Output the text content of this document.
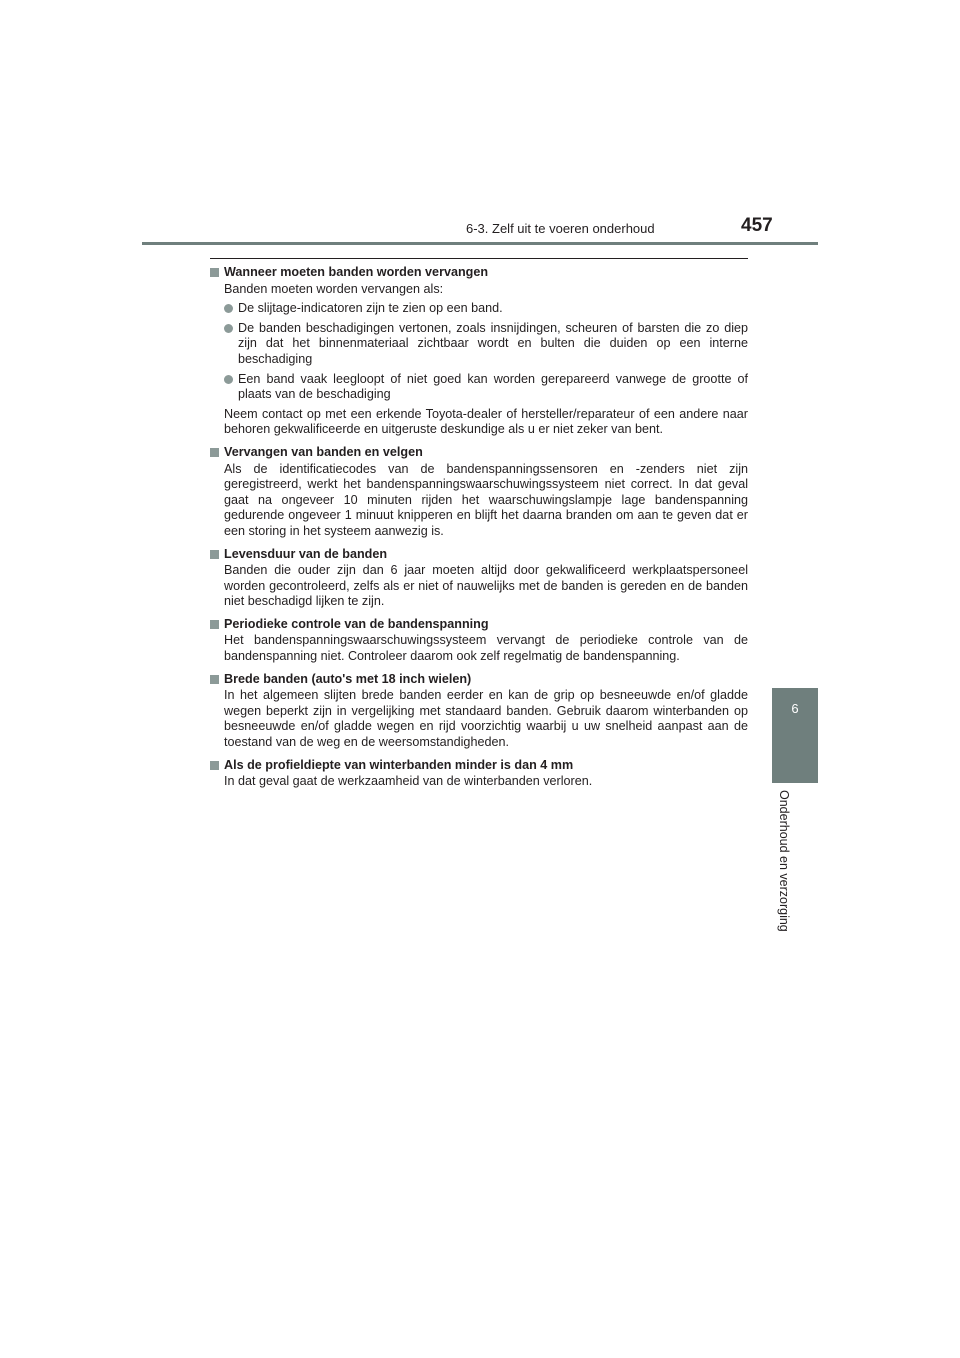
6-3. Zelf uit te voeren onderhoud	457
6
Onderhoud en verzorging
Wanneer moeten banden worden vervangen
Banden moeten worden vervangen als:
De slijtage-indicatoren zijn te zien op een band.
De banden beschadigingen vertonen, zoals insnijdingen, scheuren of barsten die zo diep zijn dat het binnenmateriaal zichtbaar wordt en bulten die duiden op een interne beschadiging
Een band vaak leegloopt of niet goed kan worden gerepareerd vanwege de grootte of plaats van de beschadiging
Neem contact op met een erkende Toyota-dealer of hersteller/reparateur of een andere naar behoren gekwalificeerde en uitgeruste deskundige als u er niet zeker van bent.
Vervangen van banden en velgen
Als de identificatiecodes van de bandenspanningssensoren en -zenders niet zijn geregistreerd, werkt het bandenspanningswaarschuwingssysteem niet correct. In dat geval gaat na ongeveer 10 minuten rijden het waarschuwingslampje lage bandenspanning gedurende ongeveer 1 minuut knipperen en blijft het daarna branden om aan te geven dat er een storing in het systeem aanwezig is.
Levensduur van de banden
Banden die ouder zijn dan 6 jaar moeten altijd door gekwalificeerd werkplaatspersoneel worden gecontroleerd, zelfs als er niet of nauwelijks met de banden is gereden en de banden niet beschadigd lijken te zijn.
Periodieke controle van de bandenspanning
Het bandenspanningswaarschuwingssysteem vervangt de periodieke controle van de bandenspanning niet. Controleer daarom ook zelf regelmatig de bandenspanning.
Brede banden (auto's met 18 inch wielen)
In het algemeen slijten brede banden eerder en kan de grip op besneeuwde en/of gladde wegen beperkt zijn in vergelijking met standaard banden. Gebruik daarom winterbanden op besneeuwde en/of gladde wegen en rijd voorzichtig waarbij u uw snelheid aanpast aan de toestand van de weg en de weersomstandigheden.
Als de profieldiepte van winterbanden minder is dan 4 mm
In dat geval gaat de werkzaamheid van de winterbanden verloren.
